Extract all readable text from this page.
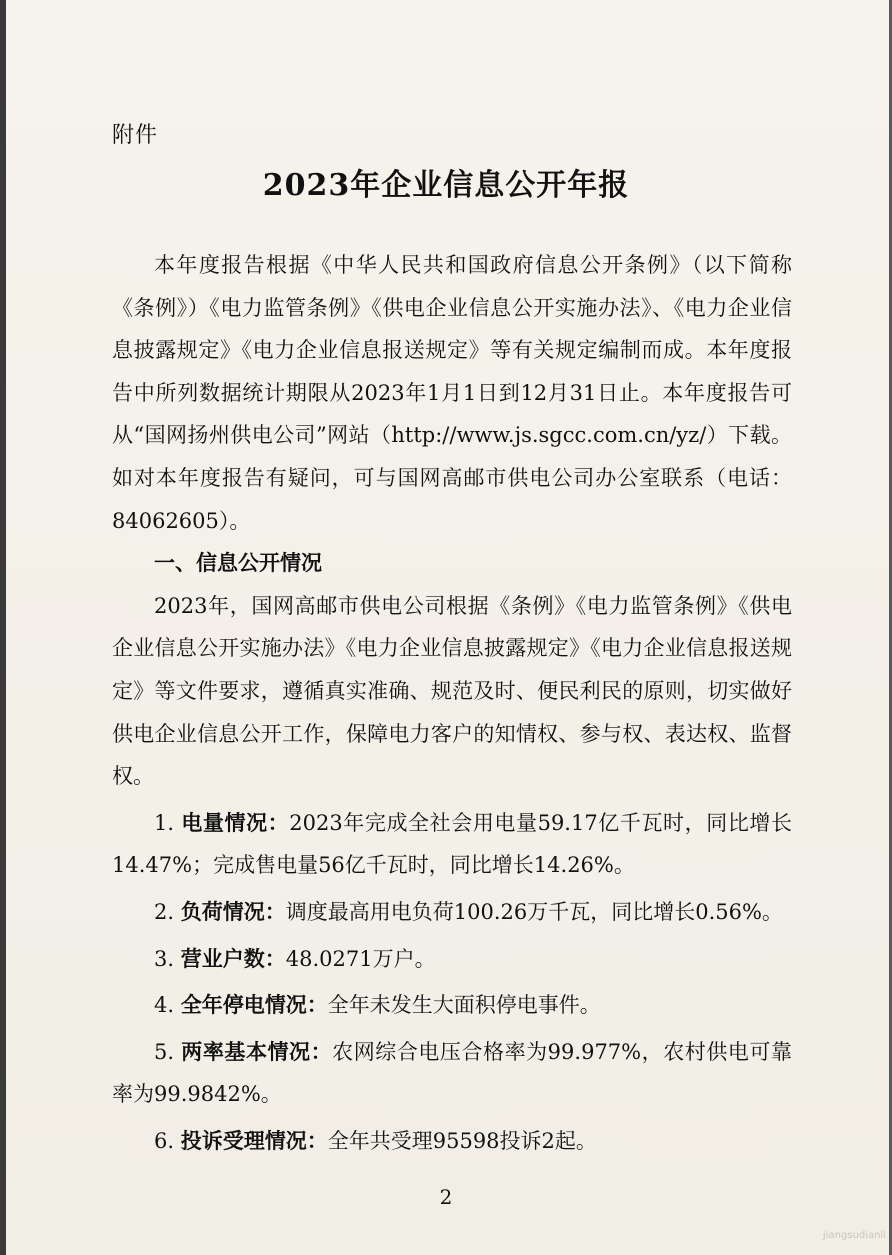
附件
2023年企业信息公开年报

本年度报告根据《中华人民共和国政府信息公开条例》（以下简称《条例》）《电力监管条例》《供电企业信息公开实施办法》、《电力企业信息披露规定》《电力企业信息报送规定》等有关规定编制而成。本年度报告中所列数据统计期限从2023年1月1日到12月31日止。本年度报告可从“国网扬州供电公司”网站（http://www.js.sgcc.com.cn/yz/）下载。如对本年度报告有疑问，可与国网高邮市供电公司办公室联系（电话：84062605）。

一、信息公开情况

2023年，国网高邮市供电公司根据《条例》《电力监管条例》《供电企业信息公开实施办法》《电力企业信息披露规定》《电力企业信息报送规定》等文件要求，遵循真实准确、规范及时、便民利民的原则，切实做好供电企业信息公开工作，保障电力客户的知情权、参与权、表达权、监督权。

1. 电量情况：2023年完成全社会用电量59.17亿千瓦时，同比增长14.47%；完成售电量56亿千瓦时，同比增长14.26%。

2. 负荷情况：调度最高用电负荷100.26万千瓦，同比增长0.56%。

3. 营业户数：48.0271万户。

4. 全年停电情况：全年未发生大面积停电事件。

5. 两率基本情况：农网综合电压合格率为99.977%，农村供电可靠率为99.9842%。

6. 投诉受理情况：全年共受理95598投诉2起。

2
jiangsudianli
